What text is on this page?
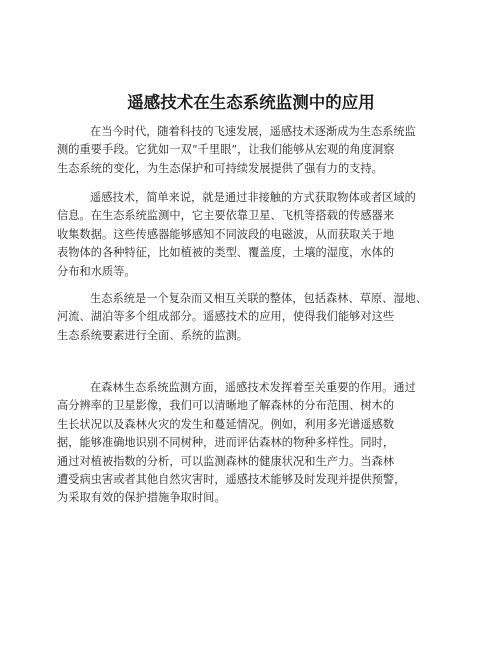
遥感技术在生态系统监测中的应用
在当今时代，随着科技的飞速发展，遥感技术逐渐成为生态系统监
测的重要手段。它犹如一双“千里眼”，让我们能够从宏观的角度洞察
生态系统的变化，为生态保护和可持续发展提供了强有力的支持。
遥感技术，简单来说，就是通过非接触的方式获取物体或者区域的
信息。在生态系统监测中，它主要依靠卫星、飞机等搭载的传感器来
收集数据。这些传感器能够感知不同波段的电磁波，从而获取关于地
表物体的各种特征，比如植被的类型、覆盖度，土壤的湿度，水体的
分布和水质等。
生态系统是一个复杂而又相互关联的整体，包括森林、草原、湿地、
河流、湖泊等多个组成部分。遥感技术的应用，使得我们能够对这些
生态系统要素进行全面、系统的监测。
在森林生态系统监测方面，遥感技术发挥着至关重要的作用。通过
高分辨率的卫星影像，我们可以清晰地了解森林的分布范围、树木的
生长状况以及森林火灾的发生和蔓延情况。例如，利用多光谱遥感数
据，能够准确地识别不同树种，进而评估森林的物种多样性。同时，
通过对植被指数的分析，可以监测森林的健康状况和生产力。当森林
遭受病虫害或者其他自然灾害时，遥感技术能够及时发现并提供预警，
为采取有效的保护措施争取时间。
